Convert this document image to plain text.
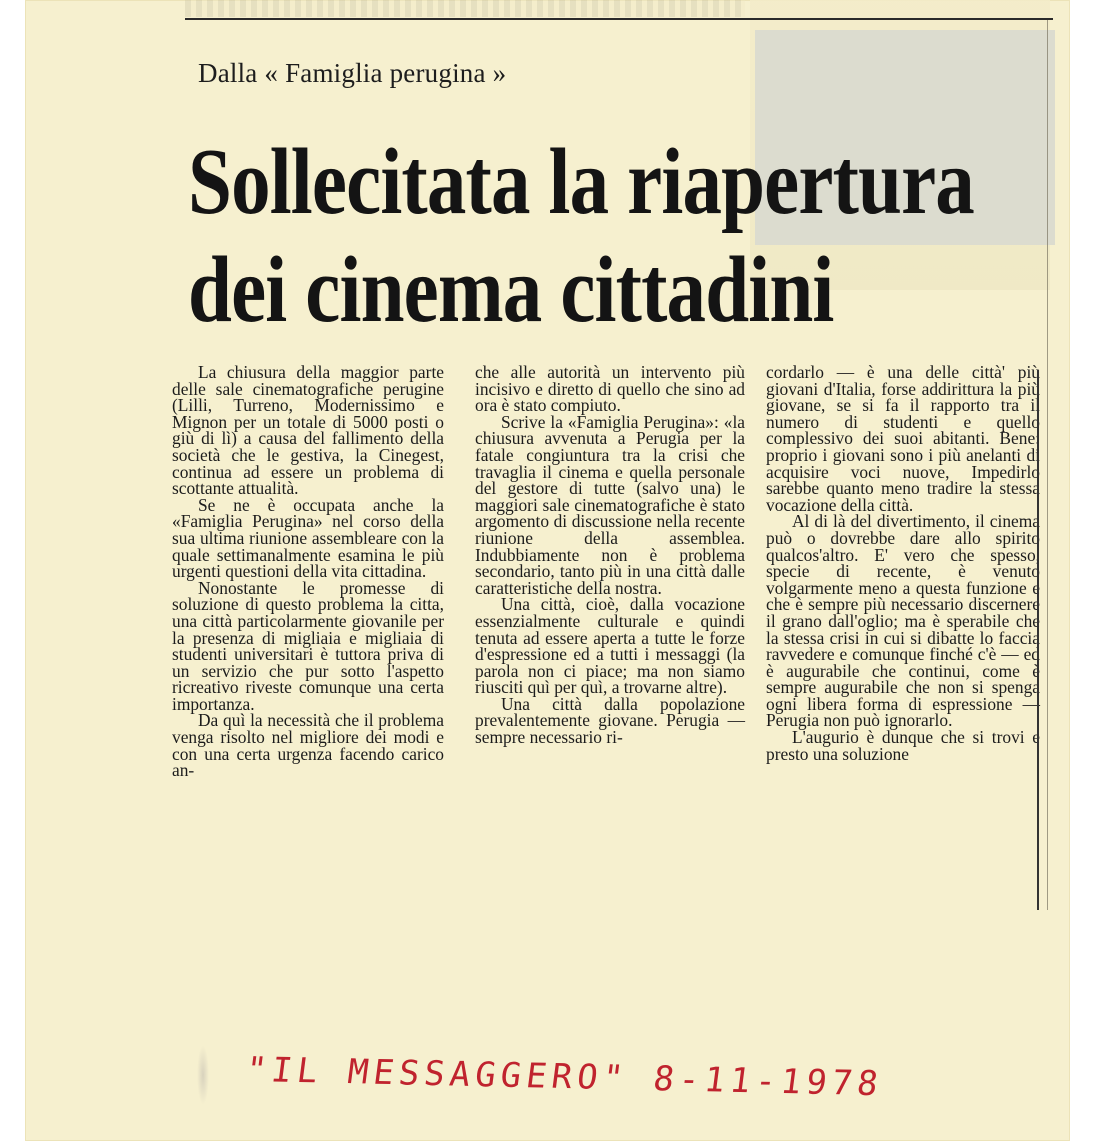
Dalla « Famiglia perugina »
Sollecitata la riapertura
dei cinema cittadini

La chiusura della maggior parte delle sale cinematografiche perugine (Lilli, Turreno, Modernissimo e Mignon per un totale di 5000 posti o giù di lì) a causa del fallimento della società che le gestiva, la Cinegest, continua ad essere un problema di scottante attualità.

Se ne è occupata anche la «Famiglia Perugina» nel corso della sua ultima riunione assembleare con la quale settimanalmente esamina le più urgenti questioni della vita cittadina.

Nonostante le promesse di soluzione di questo problema la citta, una città particolarmente giovanile per la presenza di migliaia e migliaia di studenti universitari è tuttora priva di un servizio che pur sotto l'aspetto ricreativo riveste comunque una certa importanza.

Da quì la necessità che il problema venga risolto nel migliore dei modi e con una certa urgenza facendo carico an-

che alle autorità un intervento più incisivo e diretto di quello che sino ad ora è stato compiuto.

Scrive la «Famiglia Perugina»: «la chiusura avvenuta a Perugia per la fatale congiuntura tra la crisi che travaglia il cinema e quella personale del gestore di tutte (salvo una) le maggiori sale cinematografiche è stato argomento di discussione nella recente riunione della assemblea. Indubbiamente non è problema secondario, tanto più in una città dalle caratteristiche della nostra.

Una città, cioè, dalla vocazione essenzialmente culturale e quindi tenuta ad essere aperta a tutte le forze d'espressione ed a tutti i messaggi (la parola non ci piace; ma non siamo riusciti quì per quì, a trovarne altre).

Una città dalla popolazione prevalentemente giovane. Perugia — sempre necessario ri-

cordarlo — è una delle città' più giovani d'Italia, forse addirittura la più giovane, se si fa il rapporto tra il numero di studenti e quello complessivo dei suoi abitanti. Bene: proprio i giovani sono i più anelanti di acquisire voci nuove, Impedirlo sarebbe quanto meno tradire la stessa vocazione della città.

Al di là del divertimento, il cinema può o dovrebbe dare allo spirito qualcos'altro. E' vero che spesso, specie di recente, è venuto volgarmente meno a questa funzione e che è sempre più necessario discernere il grano dall'oglio; ma è sperabile che la stessa crisi in cui si dibatte lo faccia ravvedere e comunque finché c'è — ed è augurabile che continui, come è sempre augurabile che non si spenga ogni libera forma di espressione — Perugia non può ignorarlo.

L'augurio è dunque che si trovi e presto una soluzione

"IL MESSAGGERO" 8-11-1978
